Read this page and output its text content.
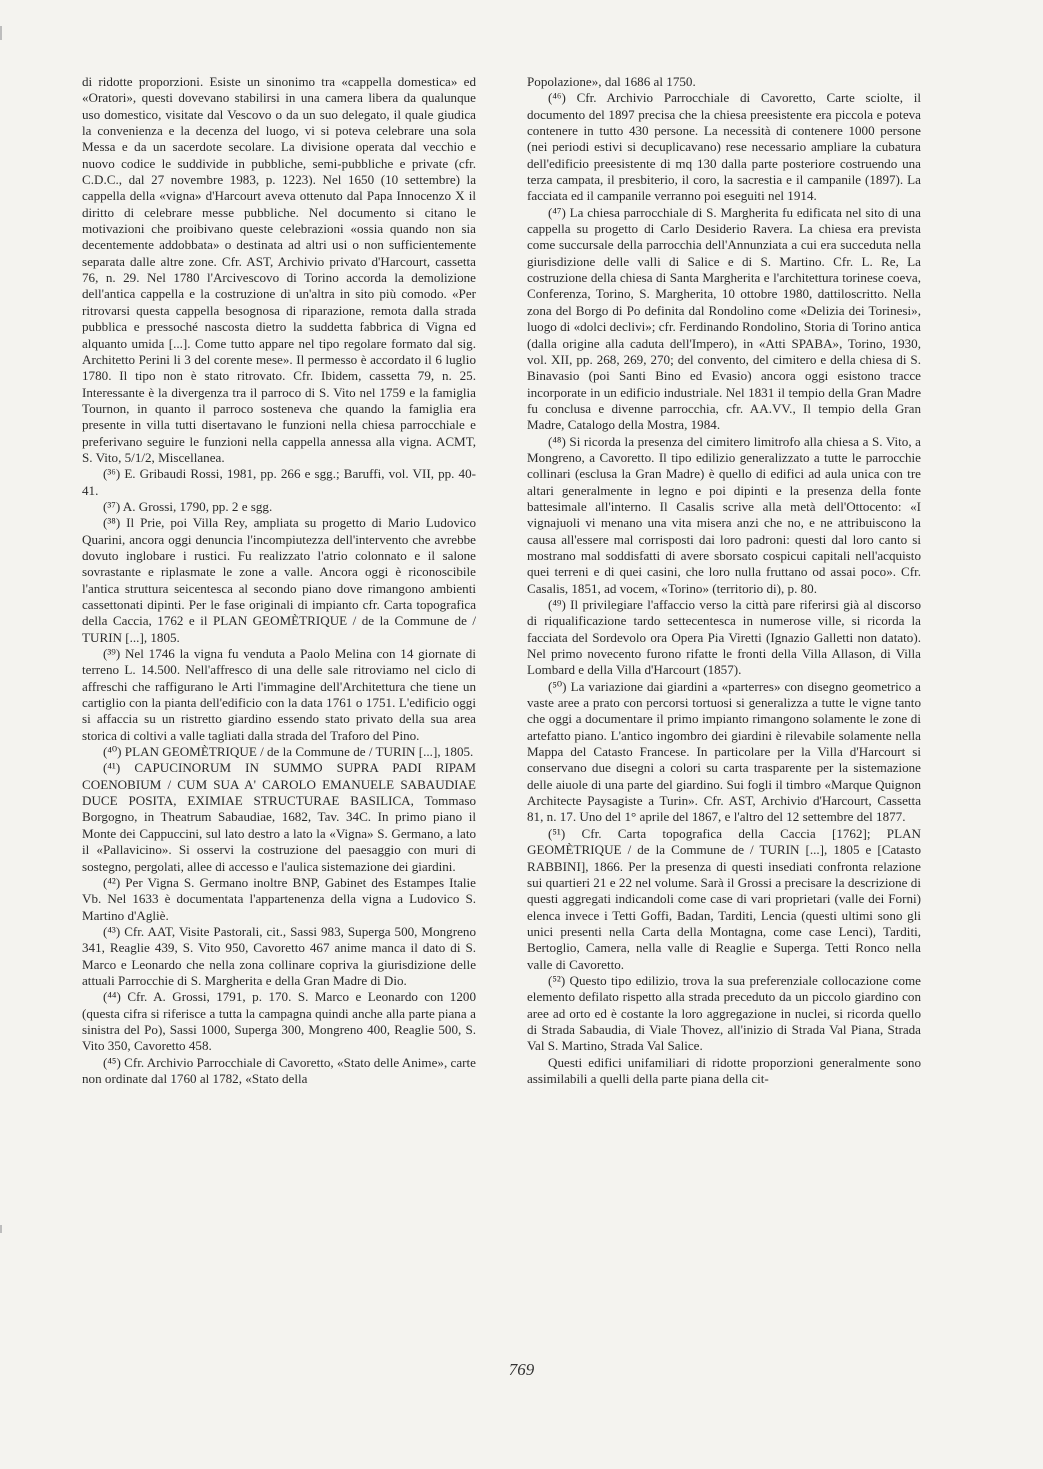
di ridotte proporzioni. Esiste un sinonimo tra «cappella domestica» ed «Oratori», questi dovevano stabilirsi in una camera libera da qualunque uso domestico, visitate dal Vescovo o da un suo delegato, il quale giudica la convenienza e la decenza del luogo, vi si poteva celebrare una sola Messa e da un sacerdote secolare. La divisione operata dal vecchio e nuovo codice le suddivide in pubbliche, semi-pubbliche e private (cfr. C.D.C., dal 27 novembre 1983, p. 1223). Nel 1650 (10 settembre) la cappella della «vigna» d'Harcourt aveva ottenuto dal Papa Innocenzo X il diritto di celebrare messe pubbliche. Nel documento si citano le motivazioni che proibivano queste celebrazioni «ossia quando non sia decentemente addobbata» o destinata ad altri usi o non sufficientemente separata dalle altre zone. Cfr. AST, Archivio privato d'Harcourt, cassetta 76, n. 29. Nel 1780 l'Arcivescovo di Torino accorda la demolizione dell'antica cappella e la costruzione di un'altra in sito più comodo. «Per ritrovarsi questa cappella besognosa di riparazione, remota dalla strada pubblica e pressoché nascosta dietro la suddetta fabbrica di Vigna ed alquanto umida [...]. Come tutto appare nel tipo regolare formato dal sig. Architetto Perini li 3 del corente mese». Il permesso è accordato il 6 luglio 1780. Il tipo non è stato ritrovato. Cfr. Ibidem, cassetta 79, n. 25. Interessante è la divergenza tra il parroco di S. Vito nel 1759 e la famiglia Tournon, in quanto il parroco sosteneva che quando la famiglia era presente in villa tutti disertavano le funzioni nella chiesa parrocchiale e preferivano seguire le funzioni nella cappella annessa alla vigna. ACMT, S. Vito, 5/1/2, Miscellanea.

(³⁶) E. Gribaudi Rossi, 1981, pp. 266 e sgg.; Baruffi, vol. VII, pp. 40-41.

(³⁷) A. Grossi, 1790, pp. 2 e sgg.

(³⁸) Il Prie, poi Villa Rey, ampliata su progetto di Mario Ludovico Quarini, ancora oggi denuncia l'incompiutezza dell'intervento che avrebbe dovuto inglobare i rustici. Fu realizzato l'atrio colonnato e il salone sovrastante e riplasmate le zone a valle. Ancora oggi è riconoscibile l'antica struttura seicentesca al secondo piano dove rimangono ambienti cassettonati dipinti. Per le fase originali di impianto cfr. Carta topografica della Caccia, 1762 e il PLAN GEOMÈTRIQUE / de la Commune de / TURIN [...], 1805.

(³⁹) Nel 1746 la vigna fu venduta a Paolo Melina con 14 giornate di terreno L. 14.500. Nell'affresco di una delle sale ritroviamo nel ciclo di affreschi che raffigurano le Arti l'immagine dell'Architettura che tiene un cartiglio con la pianta dell'edificio con la data 1761 o 1751. L'edificio oggi si affaccia su un ristretto giardino essendo stato privato della sua area storica di coltivi a valle tagliati dalla strada del Traforo del Pino.

(⁴⁰) PLAN GEOMÈTRIQUE / de la Commune de / TURIN [...], 1805.

(⁴¹) CAPUCINORUM IN SUMMO SUPRA PADI RIPAM COENOBIUM / CUM SUA A' CAROLO EMANUELE SABAUDIAE DUCE POSITA, EXIMIAE STRUCTURAE BASILICA, Tommaso Borgogno, in Theatrum Sabaudiae, 1682, Tav. 34C. In primo piano il Monte dei Cappuccini, sul lato destro a lato la «Vigna» S. Germano, a lato il «Pallavicino». Si osservi la costruzione del paesaggio con muri di sostegno, pergolati, allee di accesso e l'aulica sistemazione dei giardini.

(⁴²) Per Vigna S. Germano inoltre BNP, Gabinet des Estampes Italie Vb. Nel 1633 è documentata l'appartenenza della vigna a Ludovico S. Martino d'Agliè.

(⁴³) Cfr. AAT, Visite Pastorali, cit., Sassi 983, Superga 500, Mongreno 341, Reaglie 439, S. Vito 950, Cavoretto 467 anime manca il dato di S. Marco e Leonardo che nella zona collinare copriva la giurisdizione delle attuali Parrocchie di S. Margherita e della Gran Madre di Dio.

(⁴⁴) Cfr. A. Grossi, 1791, p. 170. S. Marco e Leonardo con 1200 (questa cifra si riferisce a tutta la campagna quindi anche alla parte piana a sinistra del Po), Sassi 1000, Superga 300, Mongreno 400, Reaglie 500, S. Vito 350, Cavoretto 458.

(⁴⁵) Cfr. Archivio Parrocchiale di Cavoretto, «Stato delle Anime», carte non ordinate dal 1760 al 1782, «Stato della

Popolazione», dal 1686 al 1750.

(⁴⁶) Cfr. Archivio Parrocchiale di Cavoretto, Carte sciolte, il documento del 1897 precisa che la chiesa preesistente era piccola e poteva contenere in tutto 430 persone. La necessità di contenere 1000 persone (nei periodi estivi si decuplicavano) rese necessario ampliare la cubatura dell'edificio preesistente di mq 130 dalla parte posteriore costruendo una terza campata, il presbiterio, il coro, la sacrestia e il campanile (1897). La facciata ed il campanile verranno poi eseguiti nel 1914.

(⁴⁷) La chiesa parrocchiale di S. Margherita fu edificata nel sito di una cappella su progetto di Carlo Desiderio Ravera. La chiesa era prevista come succursale della parrocchia dell'Annunziata a cui era succeduta nella giurisdizione delle valli di Salice e di S. Martino. Cfr. L. Re, La costruzione della chiesa di Santa Margherita e l'architettura torinese coeva, Conferenza, Torino, S. Margherita, 10 ottobre 1980, dattiloscritto. Nella zona del Borgo di Po definita dal Rondolino come «Delizia dei Torinesi», luogo di «dolci declivi»; cfr. Ferdinando Rondolino, Storia di Torino antica (dalla origine alla caduta dell'Impero), in «Atti SPABA», Torino, 1930, vol. XII, pp. 268, 269, 270; del convento, del cimitero e della chiesa di S. Binavasio (poi Santi Bino ed Evasio) ancora oggi esistono tracce incorporate in un edificio industriale. Nel 1831 il tempio della Gran Madre fu conclusa e divenne parrocchia, cfr. AA.VV., Il tempio della Gran Madre, Catalogo della Mostra, 1984.

(⁴⁸) Si ricorda la presenza del cimitero limitrofo alla chiesa a S. Vito, a Mongreno, a Cavoretto. Il tipo edilizio generalizzato a tutte le parrocchie collinari (esclusa la Gran Madre) è quello di edifici ad aula unica con tre altari generalmente in legno e poi dipinti e la presenza della fonte battesimale all'interno. Il Casalis scrive alla metà dell'Ottocento: «I vignajuoli vi menano una vita misera anzi che no, e ne attribuiscono la causa all'essere mal corrisposti dai loro padroni: questi dal loro canto si mostrano mal soddisfatti di avere sborsato cospicui capitali nell'acquisto quei terreni e di quei casini, che loro nulla fruttano od assai poco». Cfr. Casalis, 1851, ad vocem, «Torino» (territorio di), p. 80.

(⁴⁹) Il privilegiare l'affaccio verso la città pare riferirsi già al discorso di riqualificazione tardo settecentesca in numerose ville, si ricorda la facciata del Sordevolo ora Opera Pia Viretti (Ignazio Galletti non datato). Nel primo novecento furono rifatte le fronti della Villa Allason, di Villa Lombard e della Villa d'Harcourt (1857).

(⁵⁰) La variazione dai giardini a «parterres» con disegno geometrico a vaste aree a prato con percorsi tortuosi si generalizza a tutte le vigne tanto che oggi a documentare il primo impianto rimangono solamente le zone di artefatto piano. L'antico ingombro dei giardini è rilevabile solamente nella Mappa del Catasto Francese. In particolare per la Villa d'Harcourt si conservano due disegni a colori su carta trasparente per la sistemazione delle aiuole di una parte del giardino. Sui fogli il timbro «Marque Quignon Architecte Paysagiste a Turin». Cfr. AST, Archivio d'Harcourt, Cassetta 81, n. 17. Uno del 1° aprile del 1867, e l'altro del 12 settembre del 1877.

(⁵¹) Cfr. Carta topografica della Caccia [1762]; PLAN GEOMÈTRIQUE / de la Commune de / TURIN [...], 1805 e [Catasto RABBINI], 1866. Per la presenza di questi insediati confronta relazione sui quartieri 21 e 22 nel volume. Sarà il Grossi a precisare la descrizione di questi aggregati indicandoli come case di vari proprietari (valle dei Forni) elenca invece i Tetti Goffi, Badan, Tarditi, Lencia (questi ultimi sono gli unici presenti nella Carta della Montagna, come case Lenci), Tarditi, Bertoglio, Camera, nella valle di Reaglie e Superga. Tetti Ronco nella valle di Cavoretto.

(⁵²) Questo tipo edilizio, trova la sua preferenziale collocazione come elemento defilato rispetto alla strada preceduto da un piccolo giardino con aree ad orto ed è costante la loro aggregazione in nuclei, si ricorda quello di Strada Sabaudia, di Viale Thovez, all'inizio di Strada Val Piana, Strada Val S. Martino, Strada Val Salice.

Questi edifici unifamiliari di ridotte proporzioni generalmente sono assimilabili a quelli della parte piana della cit-

769
